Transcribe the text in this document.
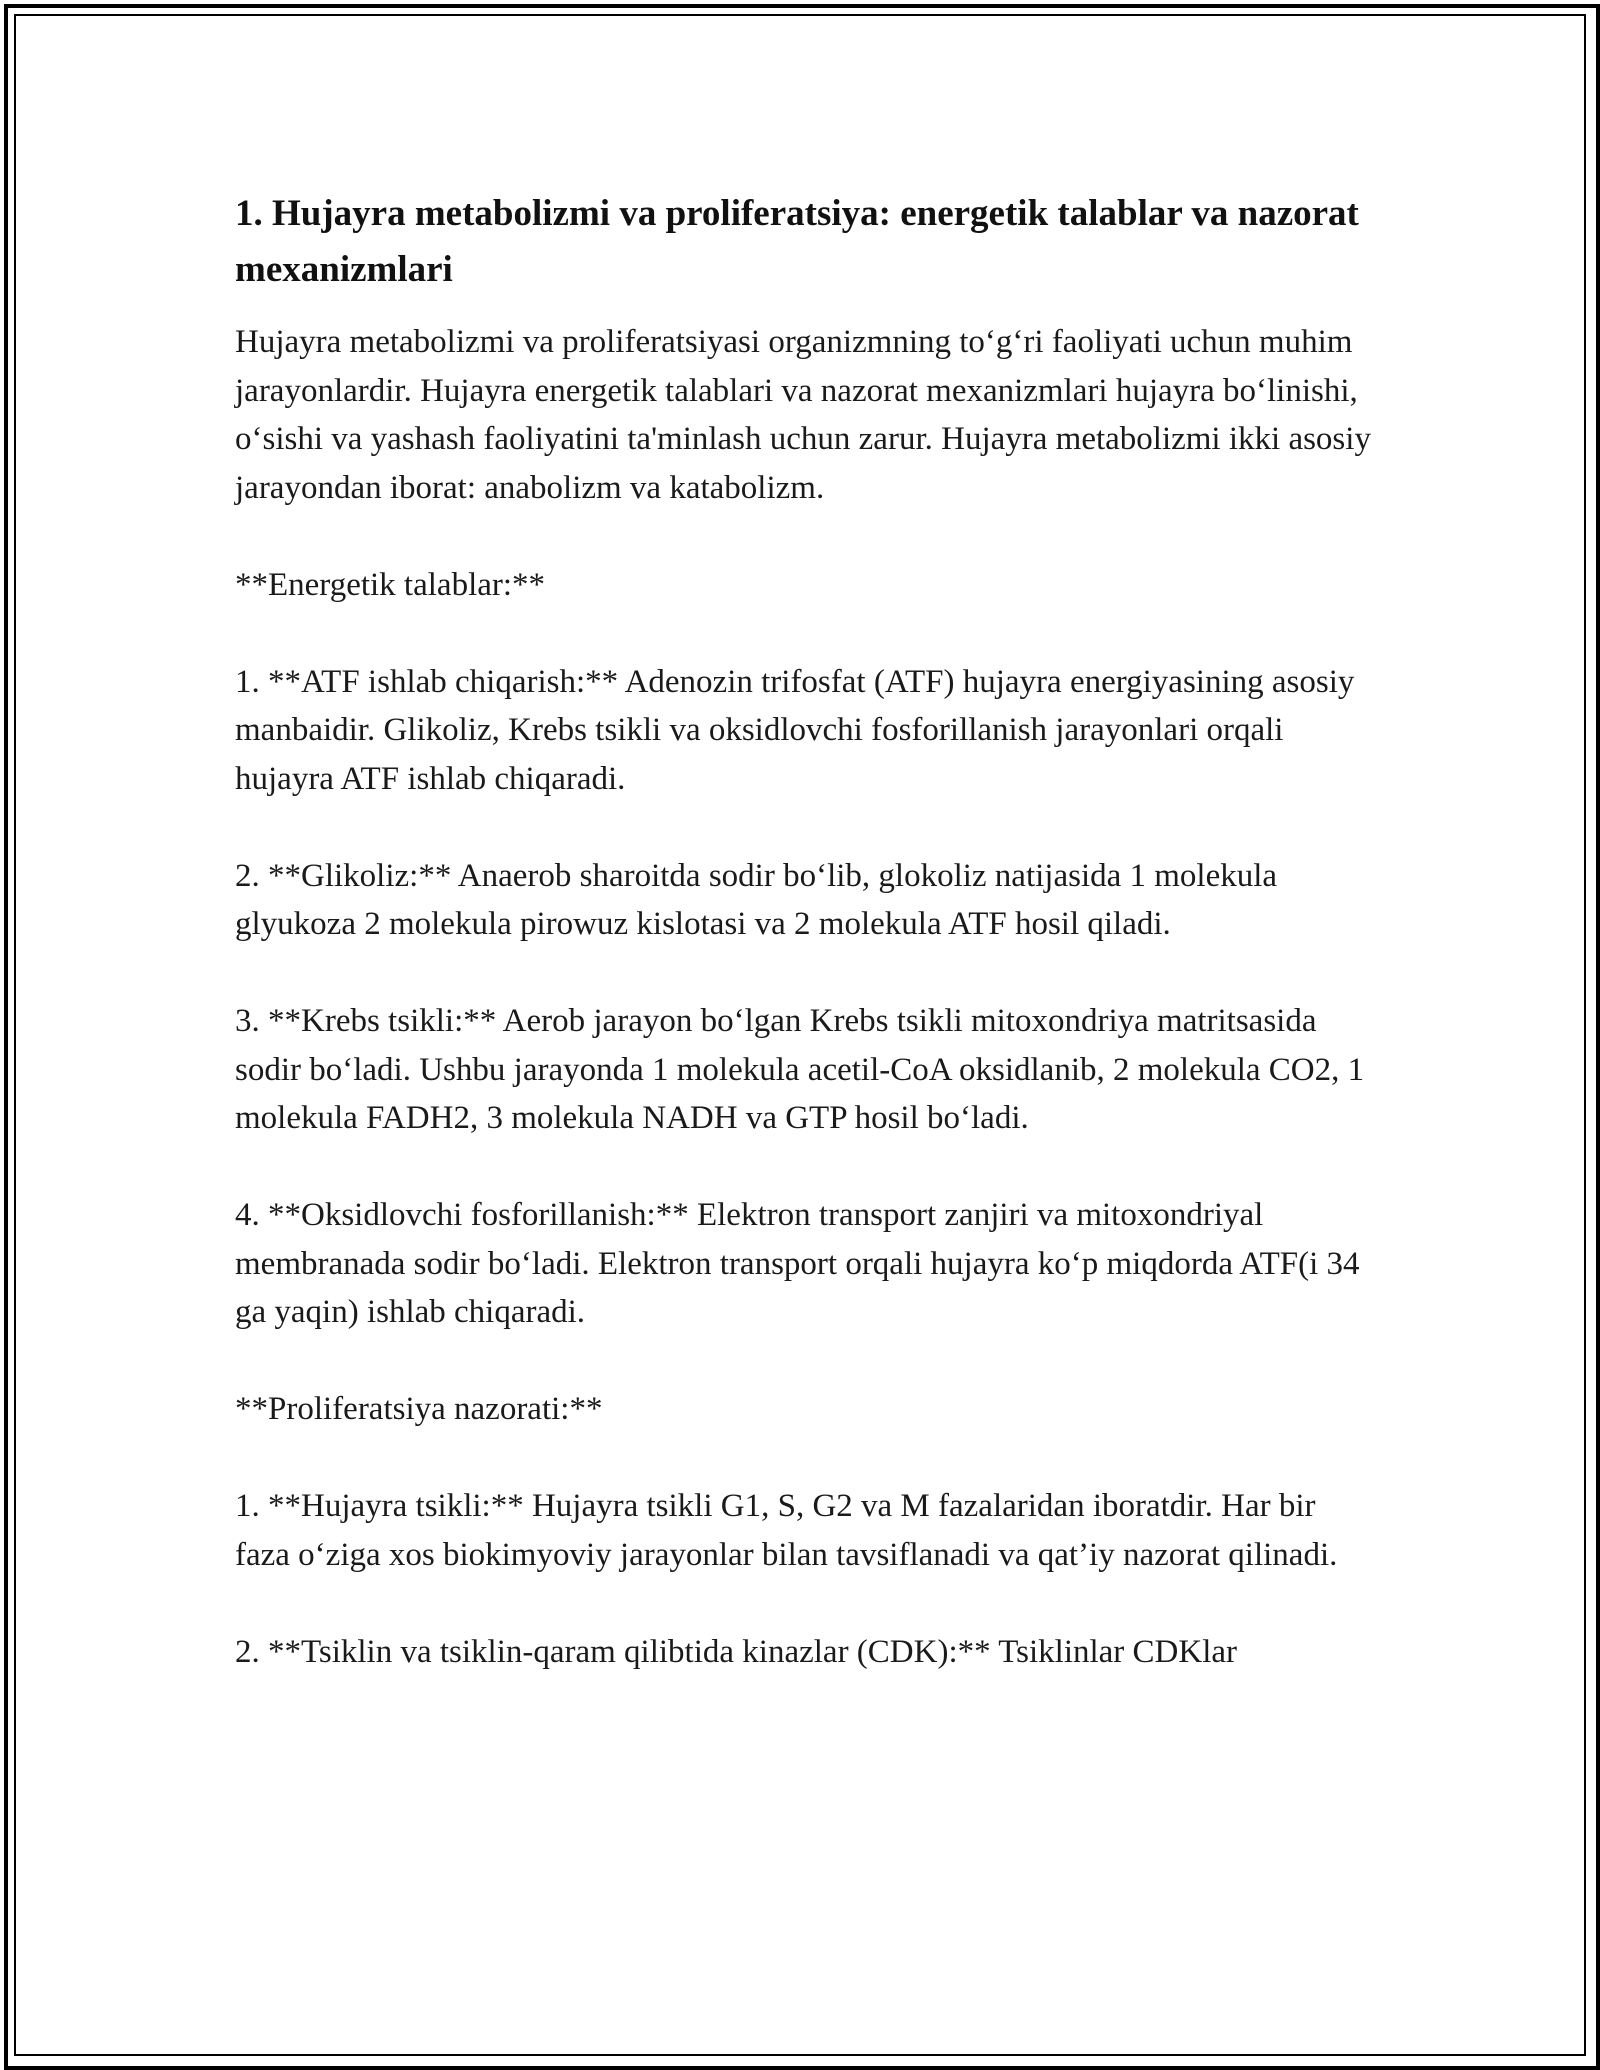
1. Hujayra metabolizmi va proliferatsiya: energetik talablar va nazorat mexanizmlari

Hujayra metabolizmi va proliferatsiyasi organizmning to‘g‘ri faoliyati uchun muhim jarayonlardir. Hujayra energetik talablari va nazorat mexanizmlari hujayra bo‘linishi, o‘sishi va yashash faoliyatini ta'minlash uchun zarur. Hujayra metabolizmi ikki asosiy jarayondan iborat: anabolizm va katabolizm.

**Energetik talablar:**

1. **ATF ishlab chiqarish:** Adenozin trifosfat (ATF) hujayra energiyasining asosiy manbaidir. Glikoliz, Krebs tsikli va oksidlovchi fosforillanish jarayonlari orqali hujayra ATF ishlab chiqaradi.

2. **Glikoliz:** Anaerob sharoitda sodir bo‘lib, glokoliz natijasida 1 molekula glyukoza 2 molekula pirowuz kislotasi va 2 molekula ATF hosil qiladi.

3. **Krebs tsikli:** Aerob jarayon bo‘lgan Krebs tsikli mitoxondriya matritsasida sodir bo‘ladi. Ushbu jarayonda 1 molekula acetil-CoA oksidlanib, 2 molekula CO2, 1 molekula FADH2, 3 molekula NADH va GTP hosil bo‘ladi.

4. **Oksidlovchi fosforillanish:** Elektron transport zanjiri va mitoxondriyal membranada sodir bo‘ladi. Elektron transport orqali hujayra ko‘p miqdorda ATF(i 34 ga yaqin) ishlab chiqaradi.

**Proliferatsiya nazorati:**

1. **Hujayra tsikli:** Hujayra tsikli G1, S, G2 va M fazalaridan iboratdir. Har bir faza o‘ziga xos biokimyoviy jarayonlar bilan tavsiflanadi va qat’iy nazorat qilinadi.

2. **Tsiklin va tsiklin-qaram qilibtida kinazlar (CDK):** Tsiklinlar CDKlar
